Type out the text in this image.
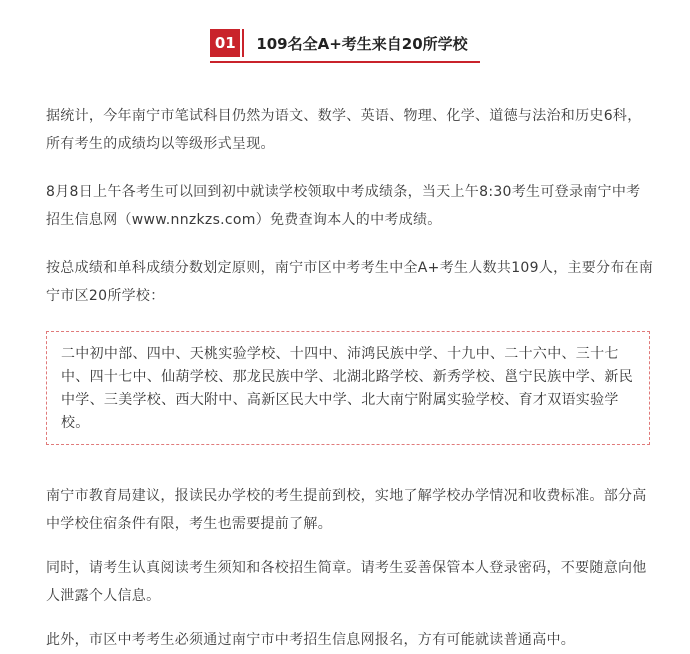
01	109名全A+考生来自20所学校

据统计，今年南宁市笔试科目仍然为语文、数学、英语、物理、化学、道德与法治和历史6科，所有考生的成绩均以等级形式呈现。

8月8日上午各考生可以回到初中就读学校领取中考成绩条，当天上午8:30考生可登录南宁中考招生信息网（www.nnzkzs.com）免费查询本人的中考成绩。

按总成绩和单科成绩分数划定原则，南宁市区中考考生中全A+考生人数共109人，主要分布在南宁市区20所学校：

二中初中部、四中、天桃实验学校、十四中、沛鸿民族中学、十九中、二十六中、三十七中、四十七中、仙葫学校、那龙民族中学、北湖北路学校、新秀学校、邕宁民族中学、新民中学、三美学校、西大附中、高新区民大中学、北大南宁附属实验学校、育才双语实验学校。

南宁市教育局建议，报读民办学校的考生提前到校，实地了解学校办学情况和收费标准。部分高中学校住宿条件有限，考生也需要提前了解。

同时，请考生认真阅读考生须知和各校招生简章。请考生妥善保管本人登录密码，不要随意向他人泄露个人信息。

此外，市区中考考生必须通过南宁市中考招生信息网报名，方有可能就读普通高中。
